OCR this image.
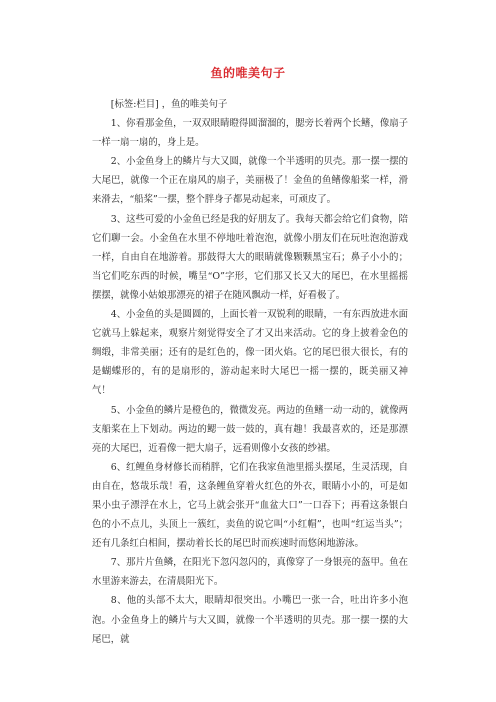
鱼的唯美句子

[标签:栏目] ，鱼的唯美句子

1、你看那金鱼，一双双眼睛瞪得圆溜溜的，腮旁长着两个长鳍，像扇子一样一扇一扇的，身上是。

2、小金鱼身上的鳞片与大又圆，就像一个半透明的贝壳。那一摆一摆的大尾巴，就像一个正在扇风的扇子，美丽极了！金鱼的鱼鳍像船桨一样，滑来滑去，“船桨”一摆，整个胖身子都晃动起来，可顽皮了。

3、这些可爱的小金鱼已经是我的好朋友了。我每天都会给它们食物，陪它们聊一会。小金鱼在水里不停地吐着泡泡，就像小朋友们在玩吐泡泡游戏一样，自由自在地游着。那鼓得大大的眼睛就像颗颗黑宝石；鼻子小小的；当它们吃东西的时候，嘴呈“O”字形，它们那又长又大的尾巴，在水里摇摇摆摆，就像小姑娘那漂亮的裙子在随风飘动一样，好看极了。

4、小金鱼的头是圆圆的，上面长着一双锐利的眼睛，一有东西放进水面它就马上躲起来，观察片刻觉得安全了才又出来活动。它的身上披着金色的绸缎，非常美丽；还有的是红色的，像一团火焰。它的尾巴很大很长，有的是蝴蝶形的，有的是扇形的，游动起来时大尾巴一摇一摆的，既美丽又神气！

5、小金鱼的鳞片是橙色的，微微发亮。两边的鱼鳍一动一动的，就像两支船桨在上下划动。两边的鳃一鼓一鼓的，真有趣！我最喜欢的，还是那漂亮的大尾巴，近看像一把大扇子，远看则像小女孩的纱裙。

6、红鲤鱼身材修长而稍胖，它们在我家鱼池里摇头摆尾，生灵活现，自由自在，悠哉乐哉！看，这条鲤鱼穿着火红色的外衣，眼睛小小的，可是如果小虫子漂浮在水上，它马上就会张开“血盆大口”一口吞下；再看这条银白色的小不点儿，头顶上一簇红，卖鱼的说它叫“小红帽”，也叫“红运当头”；还有几条红白相间，摆动着长长的尾巴时而疾速时而悠闲地游泳。

7、那片片鱼鳞，在阳光下忽闪忽闪的，真像穿了一身银亮的盔甲。鱼在水里游来游去，在清晨阳光下。

8、他的头部不太大，眼睛却很突出。小嘴巴一张一合，吐出许多小泡泡。小金鱼身上的鳞片与大又圆，就像一个半透明的贝壳。那一摆一摆的大尾巴，就
